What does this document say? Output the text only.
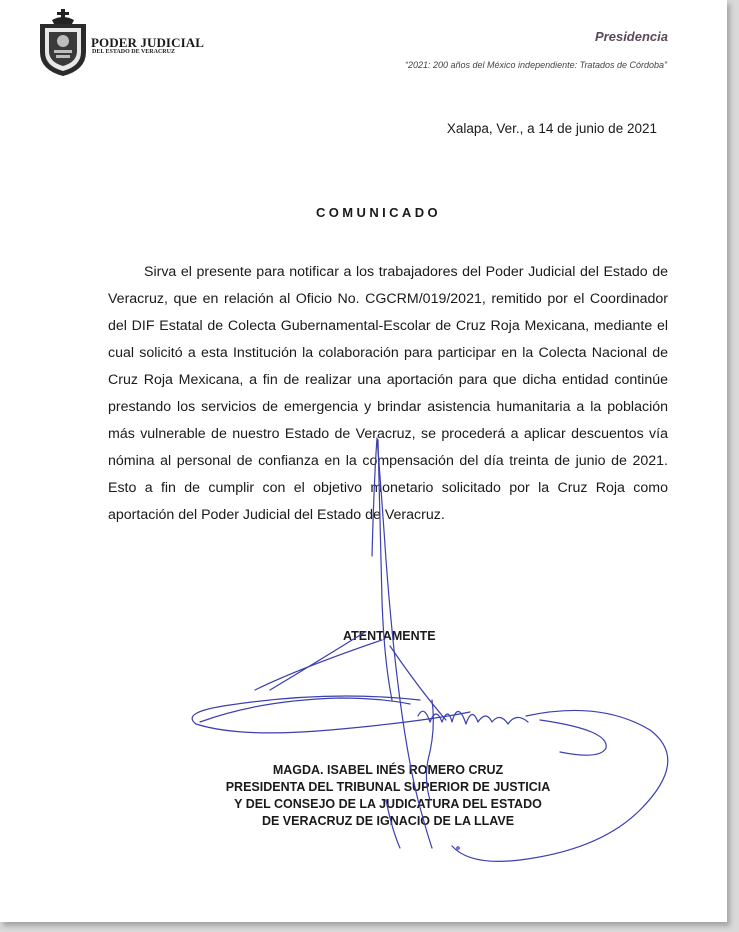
PODER JUDICIAL
DEL ESTADO DE VERACRUZ
Presidencia
“2021: 200 años del México independiente: Tratados de Córdoba”
Xalapa, Ver., a 14 de junio de 2021
COMUNICADO

Sirva el presente para notificar a los trabajadores del Poder Judicial del Estado de Veracruz, que en relación al Oficio No. CGCRM/019/2021, remitido por el Coordinador del DIF Estatal de Colecta Gubernamental-Escolar de Cruz Roja Mexicana, mediante el cual solicitó a esta Institución la colaboración para participar en la Colecta Nacional de Cruz Roja Mexicana, a fin de realizar una aportación para que dicha entidad continúe prestando los servicios de emergencia y brindar asistencia humanitaria a la población más vulnerable de nuestro Estado de Veracruz, se procederá a aplicar descuentos vía nómina al personal de confianza en la compensación del día treinta de junio de 2021. Esto a fin de cumplir con el objetivo monetario solicitado por la Cruz Roja como aportación del Poder Judicial del Estado de Veracruz.

ATENTAMENTE
MAGDA. ISABEL INÉS ROMERO CRUZ
PRESIDENTA DEL TRIBUNAL SUPERIOR DE JUSTICIA
Y DEL CONSEJO DE LA JUDICATURA DEL ESTADO
DE VERACRUZ DE IGNACIO DE LA LLAVE
